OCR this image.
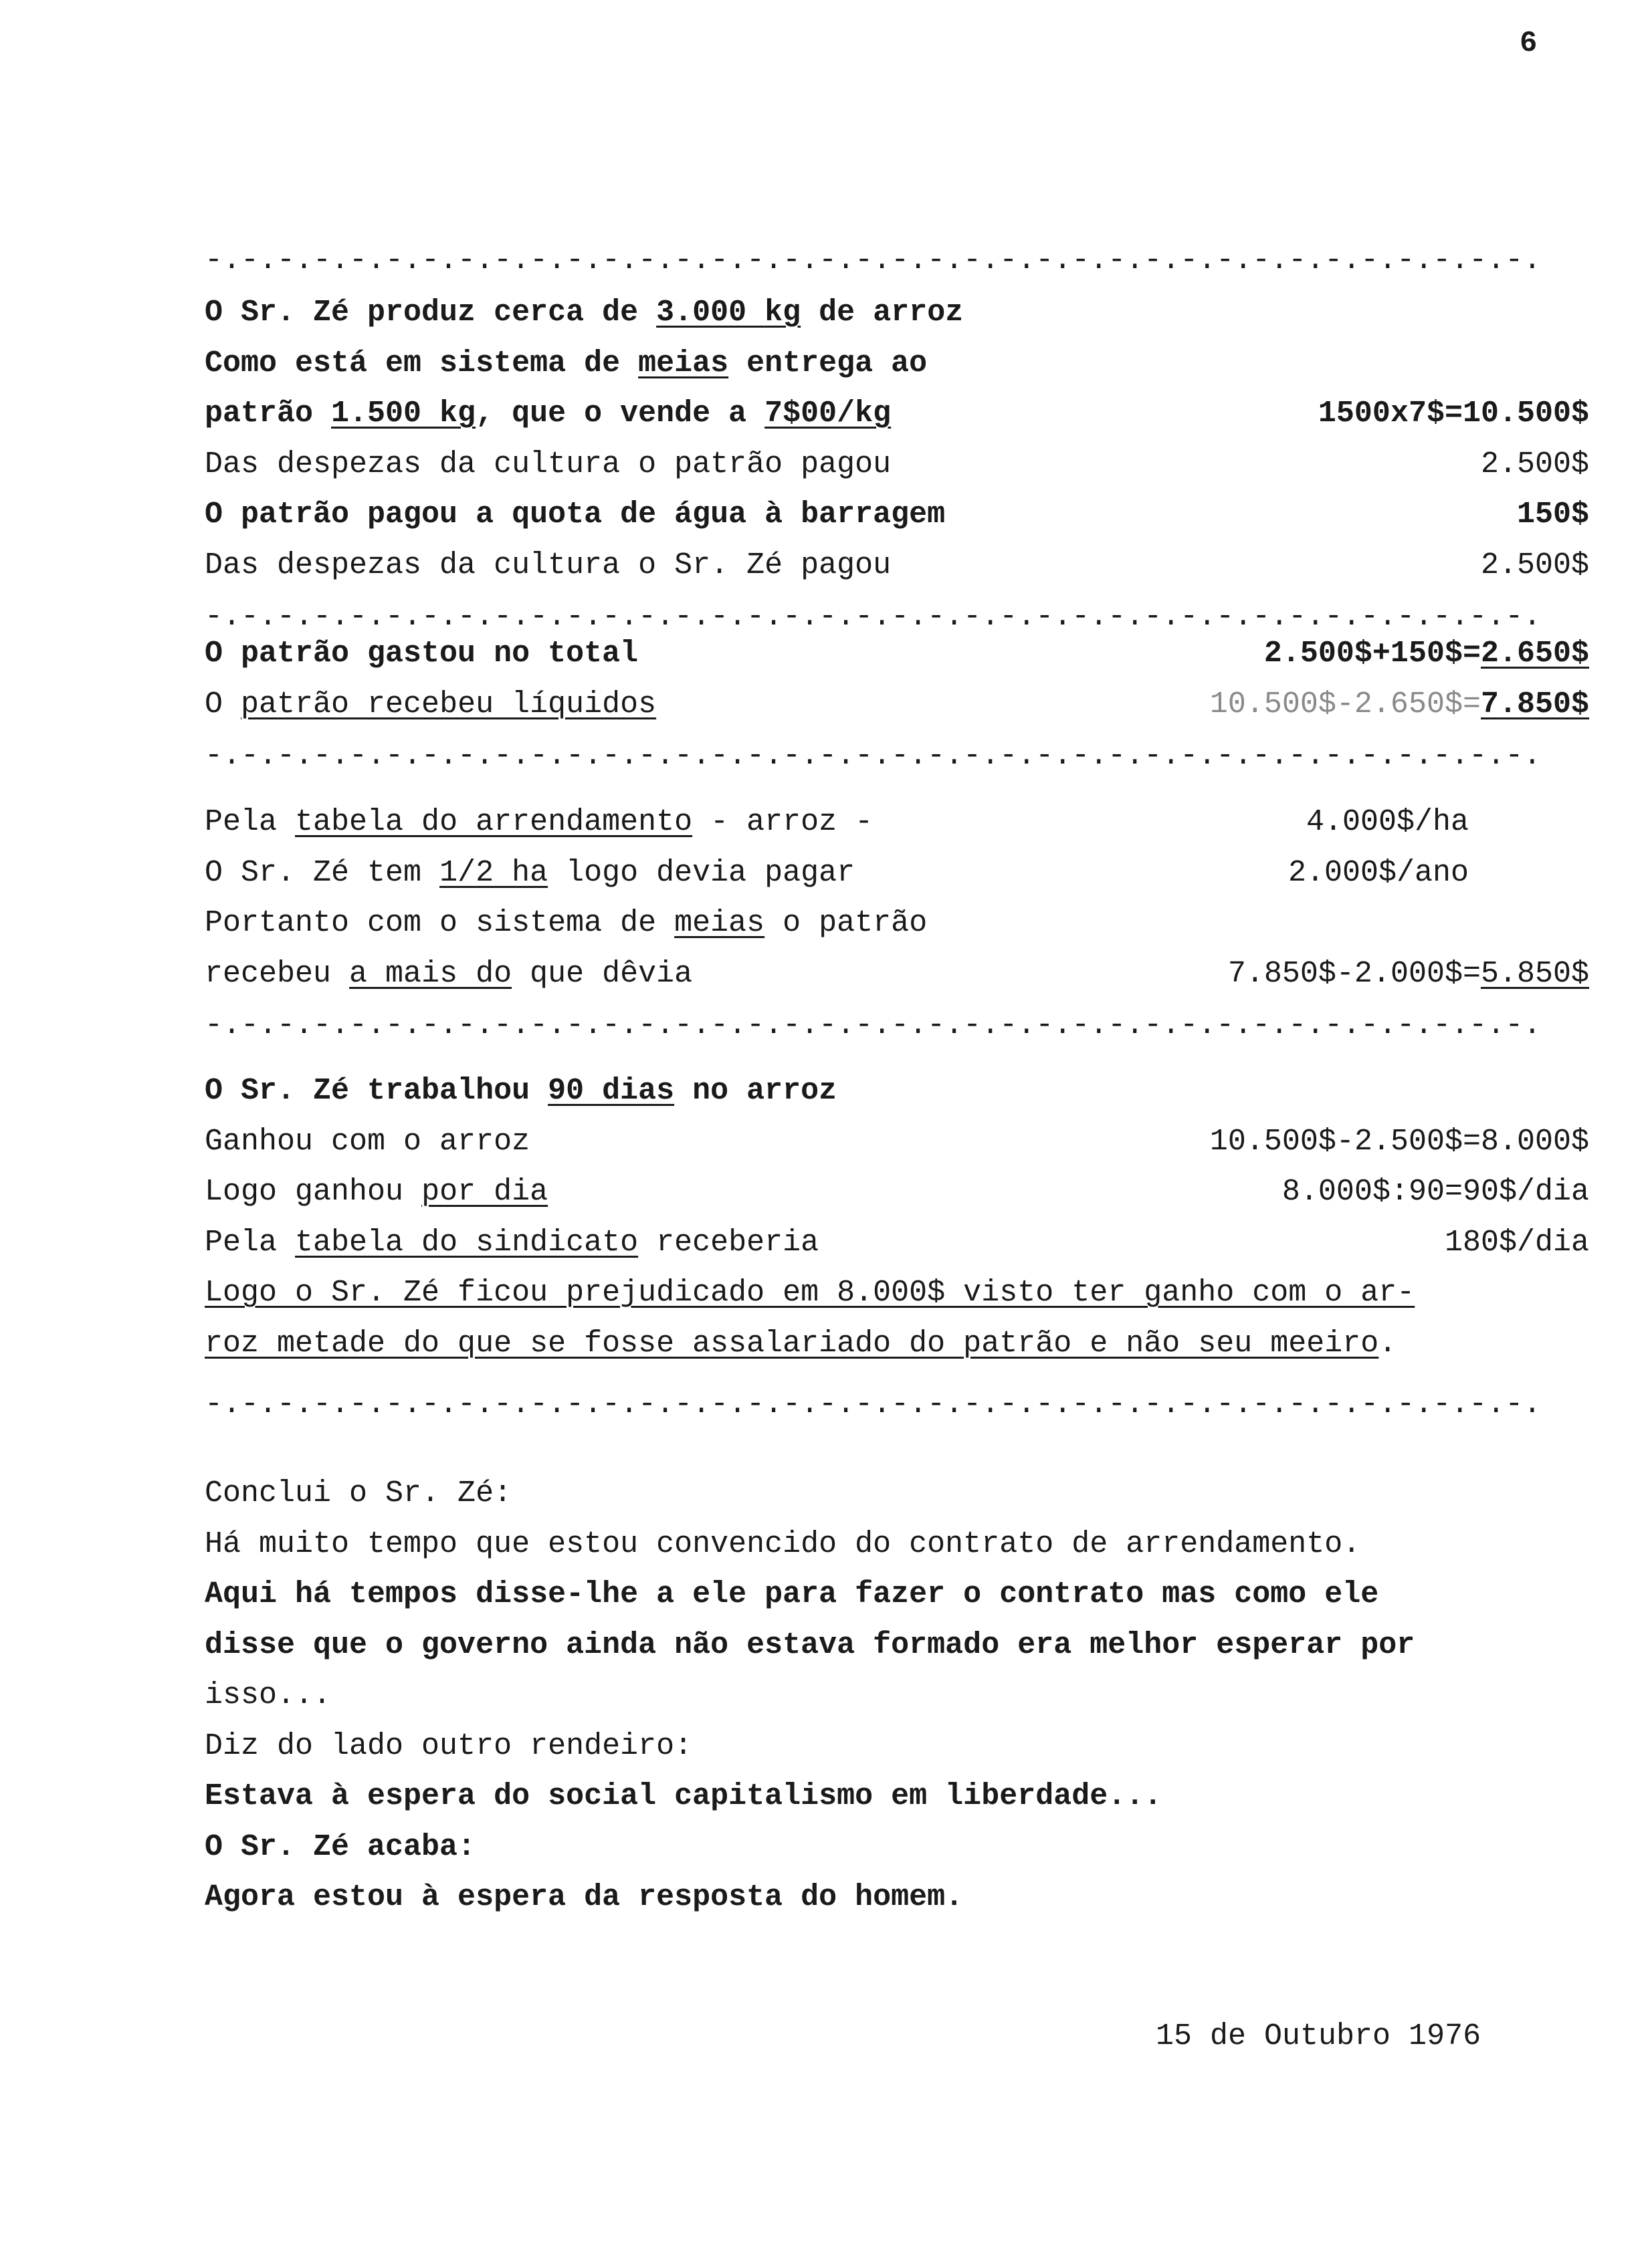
6
-.-.-.-.-.-.-.-.-.-.-.-.-.-.-.-.-.-.-.-.-.-.-.-.-.-.-.-.-.-.-.-.-.-.-.-.-.
O Sr. Zé produz cerca de 3.000 kg de arroz
Como está em sistema de meias entrega ao
patrão 1.500 kg, que o vende a 7$00/kg	1500x7$=10.500$
Das despezas da cultura o patrão pagou	2.500$
O patrão pagou a quota de água à barragem	150$
Das despezas da cultura o Sr. Zé pagou	2.500$
-.-.-.-.-.-.-.-.-.-.-.-.-.-.-.-.-.-.-.-.-.-.-.-.-.-.-.-.-.-.-.-.-.-.-.-.-.
O patrão gastou no total	2.500$+150$=2.650$
O patrão recebeu líquidos	10.500$-2.650$=7.850$
-.-.-.-.-.-.-.-.-.-.-.-.-.-.-.-.-.-.-.-.-.-.-.-.-.-.-.-.-.-.-.-.-.-.-.-.-.
Pela tabela do arrendamento - arroz -	4.000$/ha
O Sr. Zé tem 1/2 ha logo devia pagar	2.000$/ano
Portanto com o sistema de meias o patrão
recebeu a mais do que dêvia	7.850$-2.000$=5.850$
-.-.-.-.-.-.-.-.-.-.-.-.-.-.-.-.-.-.-.-.-.-.-.-.-.-.-.-.-.-.-.-.-.-.-.-.-.
O Sr. Zé trabalhou 90 dias no arroz
Ganhou com o arroz	10.500$-2.500$=8.000$
Logo ganhou por dia	8.000$:90=90$/dia
Pela tabela do sindicato receberia	180$/dia
Logo o Sr. Zé ficou prejudicado em 8.000$ visto ter ganho com o ar-
roz metade do que se fosse assalariado do patrão e não seu meeiro.
-.-.-.-.-.-.-.-.-.-.-.-.-.-.-.-.-.-.-.-.-.-.-.-.-.-.-.-.-.-.-.-.-.-.-.-.-.
Conclui o Sr. Zé:
Há muito tempo que estou convencido do contrato de arrendamento.
Aqui há tempos disse-lhe a ele para fazer o contrato mas como ele
disse que o governo ainda não estava formado era melhor esperar por
isso...
Diz do lado outro rendeiro:
Estava à espera do social capitalismo em liberdade...
O Sr. Zé acaba:
Agora estou à espera da resposta do homem.
15 de Outubro 1976
